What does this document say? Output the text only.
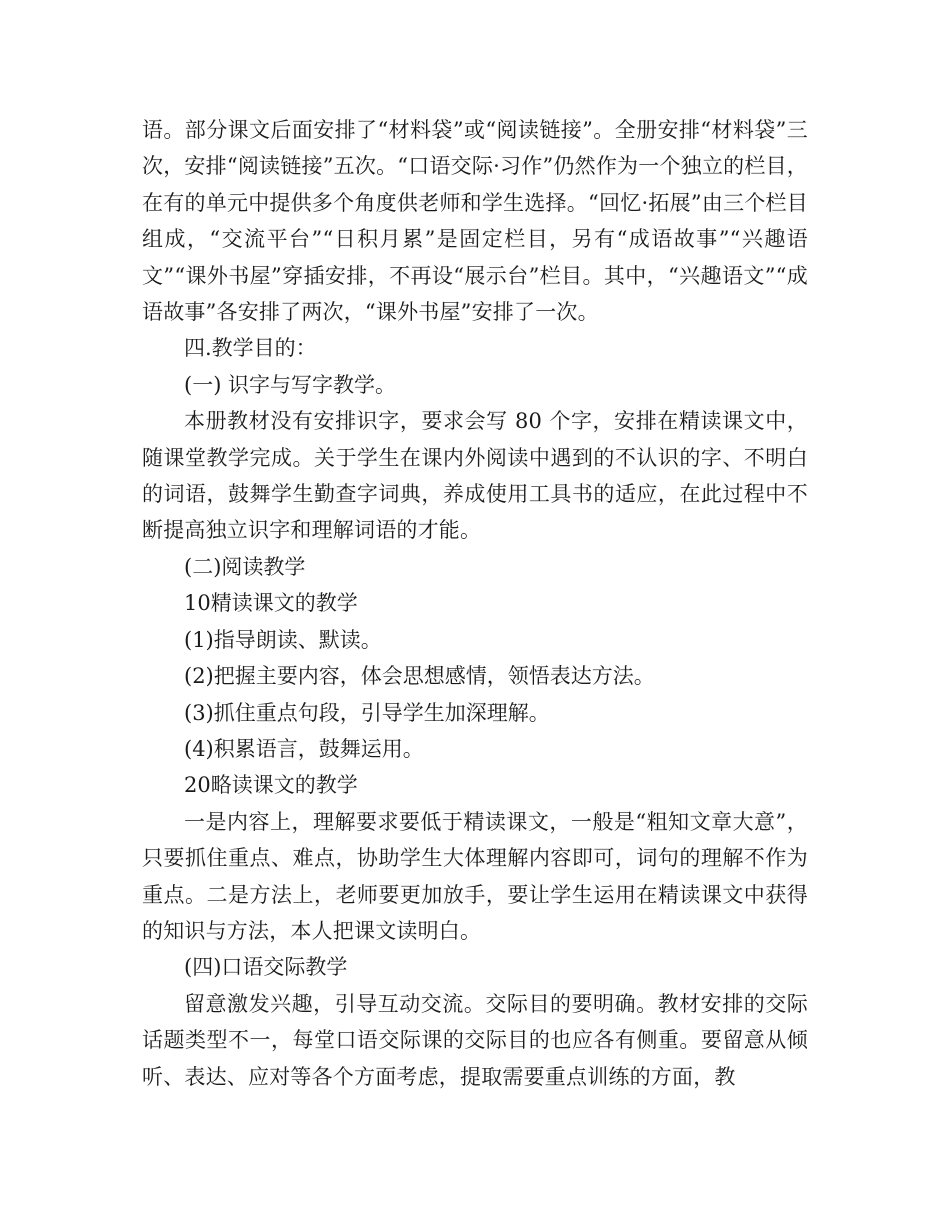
语。部分课文后面安排了“材料袋”或“阅读链接”。全册安排“材料袋”三次，安排“阅读链接”五次。“口语交际·习作”仍然作为一个独立的栏目，在有的单元中提供多个角度供老师和学生选择。“回忆·拓展”由三个栏目组成，“交流平台”“日积月累”是固定栏目，另有“成语故事”“兴趣语文”“课外书屋”穿插安排，不再设“展示台”栏目。其中，“兴趣语文”“成语故事”各安排了两次，“课外书屋”安排了一次。

四.教学目的：

(一) 识字与写字教学。

本册教材没有安排识字，要求会写 80 个字，安排在精读课文中，随课堂教学完成。关于学生在课内外阅读中遇到的不认识的字、不明白的词语，鼓舞学生勤查字词典，养成使用工具书的适应，在此过程中不断提高独立识字和理解词语的才能。

(二)阅读教学

10精读课文的教学

(1)指导朗读、默读。

(2)把握主要内容，体会思想感情，领悟表达方法。

(3)抓住重点句段，引导学生加深理解。

(4)积累语言，鼓舞运用。

20略读课文的教学

一是内容上，理解要求要低于精读课文，一般是“粗知文章大意”，只要抓住重点、难点，协助学生大体理解内容即可，词句的理解不作为重点。二是方法上，老师要更加放手，要让学生运用在精读课文中获得的知识与方法，本人把课文读明白。

(四)口语交际教学

留意激发兴趣，引导互动交流。交际目的要明确。教材安排的交际话题类型不一，每堂口语交际课的交际目的也应各有侧重。要留意从倾听、表达、应对等各个方面考虑，提取需要重点训练的方面，教
